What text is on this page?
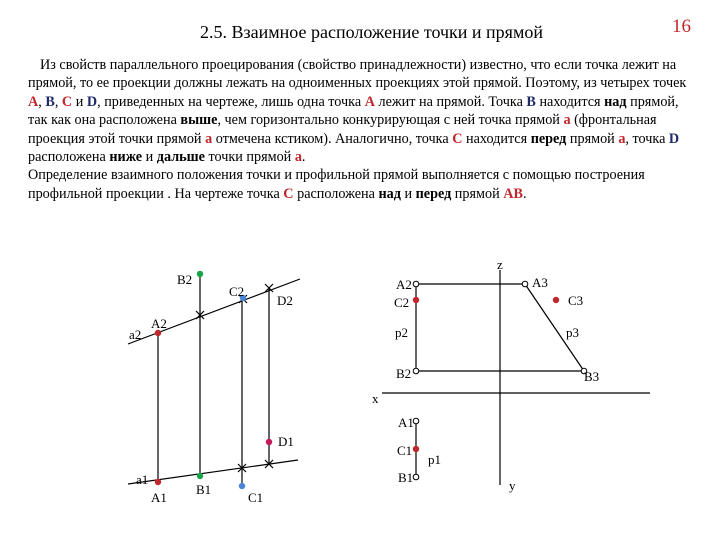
2.5. Взаимное расположение точки и прямой	16

Из свойств параллельного проецирования (свойство принадлежности) известно, что если точка лежит на прямой, то ее проекции должны лежать на одноименных проекциях этой прямой. Поэтому, из четырех точек А, В, С и D, приведенных на чертеже, лишь одна точка А лежит на прямой. Точка В находится над прямой, так как она расположена выше, чем горизонтально конкурирующая с ней точка прямой а (фронтальная проекция этой точки прямой а отмечена кстиком). Аналогично, точка С находится перед прямой а, точка D расположена ниже и дальше точки прямой а.

Определение взаимного положения точки и профильной прямой выполняется с помощью построения профильной проекции . На чертеже точка С расположена над и перед прямой АВ.

B2
C2
D2
a2
A2
D1
a1
A1
B1
C1
z
A2	A3
C2	C3
p2	p3
B2	B3
x
A1
C1
p1
B1
y
